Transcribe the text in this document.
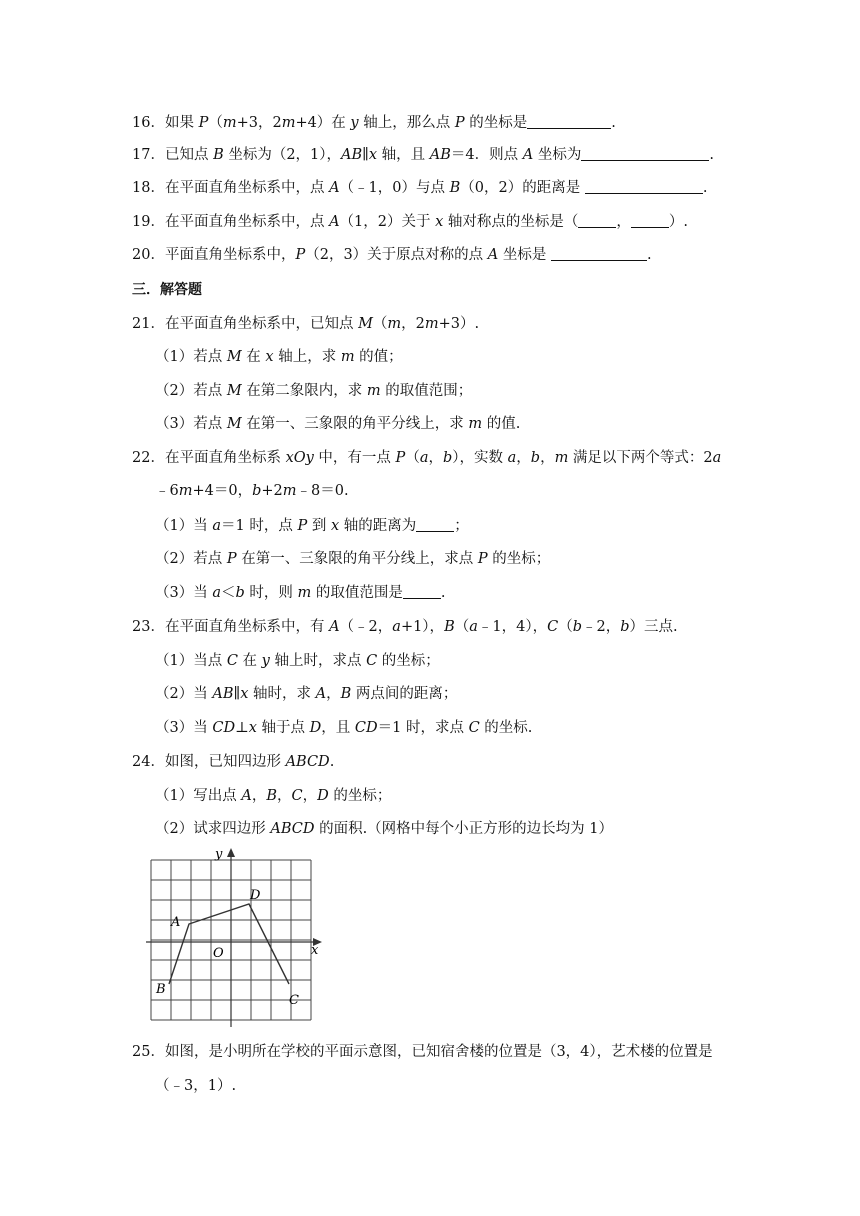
16．如果 P（m+3，2m+4）在 y 轴上，那么点 P 的坐标是	.
17．已知点 B 坐标为（2，1），AB∥x 轴，且 AB＝4．则点 A 坐标为	.
18．在平面直角坐标系中，点 A（﹣1，0）与点 B（0，2）的距离是	.
19．在平面直角坐标系中，点 A（1，2）关于 x 轴对称点的坐标是（	，	）.
20．平面直角坐标系中，P（2，3）关于原点对称的点 A 坐标是	.
三．解答题
21．在平面直角坐标系中，已知点 M（m，2m+3）.
（1）若点 M 在 x 轴上，求 m 的值；
（2）若点 M 在第二象限内，求 m 的取值范围；
（3）若点 M 在第一、三象限的角平分线上，求 m 的值.
22．在平面直角坐标系 xOy 中，有一点 P（a，b），实数 a，b，m 满足以下两个等式：2a
﹣6m+4＝0，b+2m﹣8＝0.
（1）当 a＝1 时，点 P 到 x 轴的距离为	；
（2）若点 P 在第一、三象限的角平分线上，求点 P 的坐标；
（3）当 a＜b 时，则 m 的取值范围是	.
23．在平面直角坐标系中，有 A（﹣2，a+1），B（a﹣1，4），C（b﹣2，b）三点.
（1）当点 C 在 y 轴上时，求点 C 的坐标；
（2）当 AB∥x 轴时，求 A，B 两点间的距离；
（3）当 CD⊥x 轴于点 D，且 CD＝1 时，求点 C 的坐标.
24．如图，已知四边形 ABCD.
（1）写出点 A，B，C，D 的坐标；
（2）试求四边形 ABCD 的面积.（网格中每个小正方形的边长均为 1）
y
x
O
A
B
C
D
25．如图，是小明所在学校的平面示意图，已知宿舍楼的位置是（3，4），艺术楼的位置是
（﹣3，1）.
